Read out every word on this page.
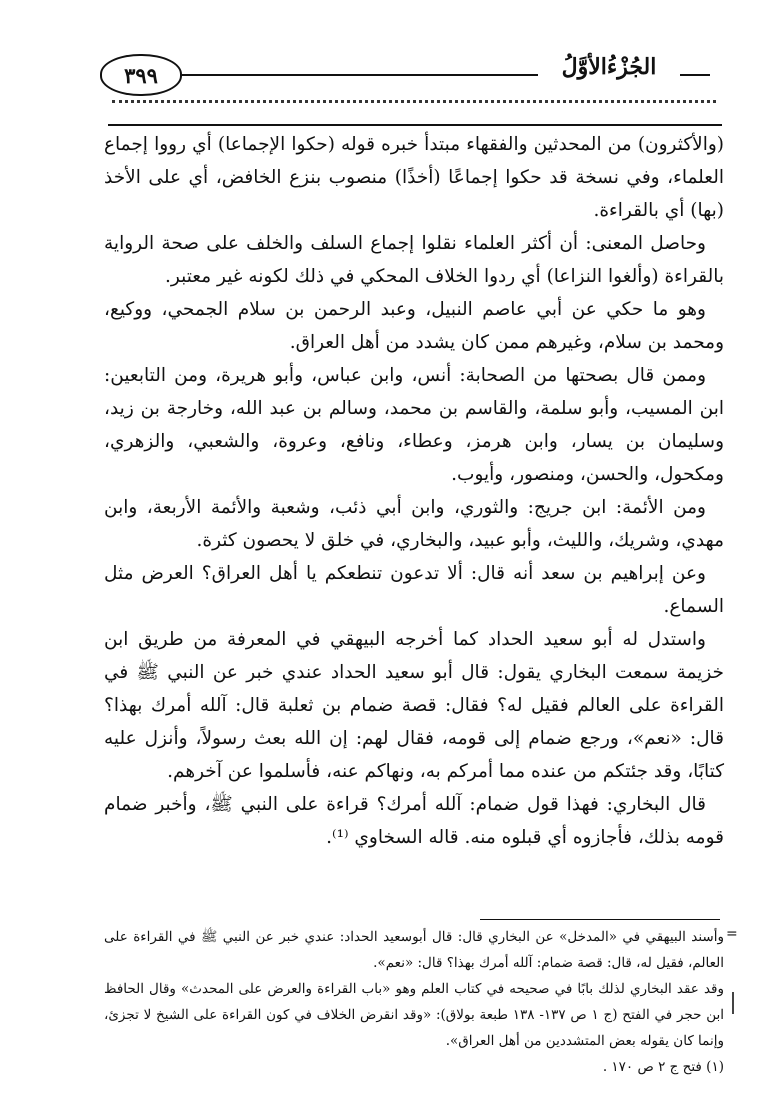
٣٩٩	الجُزْءُالأوَّلُ

(والأكثرون) من المحدثين والفقهاء مبتدأ خبره قوله (حكوا الإجماعا) أي رووا إجماع العلماء، وفي نسخة قد حكوا إجماعًا (أخذًا) منصوب بنزع الخافض، أي على الأخذ (بها) أي بالقراءة.

وحاصل المعنى: أن أكثر العلماء نقلوا إجماع السلف والخلف على صحة الرواية بالقراءة (وألغوا النزاعا) أي ردوا الخلاف المحكي في ذلك لكونه غير معتبر.

وهو ما حكي عن أبي عاصم النبيل، وعبد الرحمن بن سلام الجمحي، ووكيع، ومحمد بن سلام، وغيرهم ممن كان يشدد من أهل العراق.

وممن قال بصحتها من الصحابة: أنس، وابن عباس، وأبو هريرة، ومن التابعين: ابن المسيب، وأبو سلمة، والقاسم بن محمد، وسالم بن عبد الله، وخارجة بن زيد، وسليمان بن يسار، وابن هرمز، وعطاء، ونافع، وعروة، والشعبي، والزهري، ومكحول، والحسن، ومنصور، وأيوب.

ومن الأئمة: ابن جريج: والثوري، وابن أبي ذئب، وشعبة والأئمة الأربعة، وابن مهدي، وشريك، والليث، وأبو عبيد، والبخاري، في خلق لا يحصون كثرة.

وعن إبراهيم بن سعد أنه قال: ألا تدعون تنطعكم يا أهل العراق؟ العرض مثل السماع.

واستدل له أبو سعيد الحداد كما أخرجه البيهقي في المعرفة من طريق ابن خزيمة سمعت البخاري يقول: قال أبو سعيد الحداد عندي خبر عن النبي ﷺ في القراءة على العالم فقيل له؟ فقال: قصة ضمام بن ثعلبة قال: آلله أمرك بهذا؟ قال: «نعم»، ورجع ضمام إلى قومه، فقال لهم: إن الله بعث رسولاً، وأنزل عليه كتابًا، وقد جئتكم من عنده مما أمركم به، ونهاكم عنه، فأسلموا عن آخرهم.

قال البخاري: فهذا قول ضمام: آلله أمرك؟ قراءة على النبي ﷺ، وأخبر ضمام قومه بذلك، فأجازوه أي قبلوه منه. قاله السخاوي ⁽¹⁾.

=

وأسند البيهقي في «المدخل» عن البخاري قال: قال أبوسعيد الحداد: عندي خبر عن النبي ﷺ في القراءة على العالم، فقيل له، قال: قصة ضمام: آلله أمرك بهذا؟ قال: «نعم».

وقد عقد البخاري لذلك بابًا في صحيحه في كتاب العلم وهو «باب القراءة والعرض على المحدث» وقال الحافظ ابن حجر في الفتح (ج ١ ص ١٣٧- ١٣٨ طبعة بولاق): «وقد انقرض الخلاف في كون القراءة على الشيخ لا تجزئ، وإنما كان يقوله بعض المتشددين من أهل العراق».

(١) فتح ج ٢ ص ١٧٠ .
